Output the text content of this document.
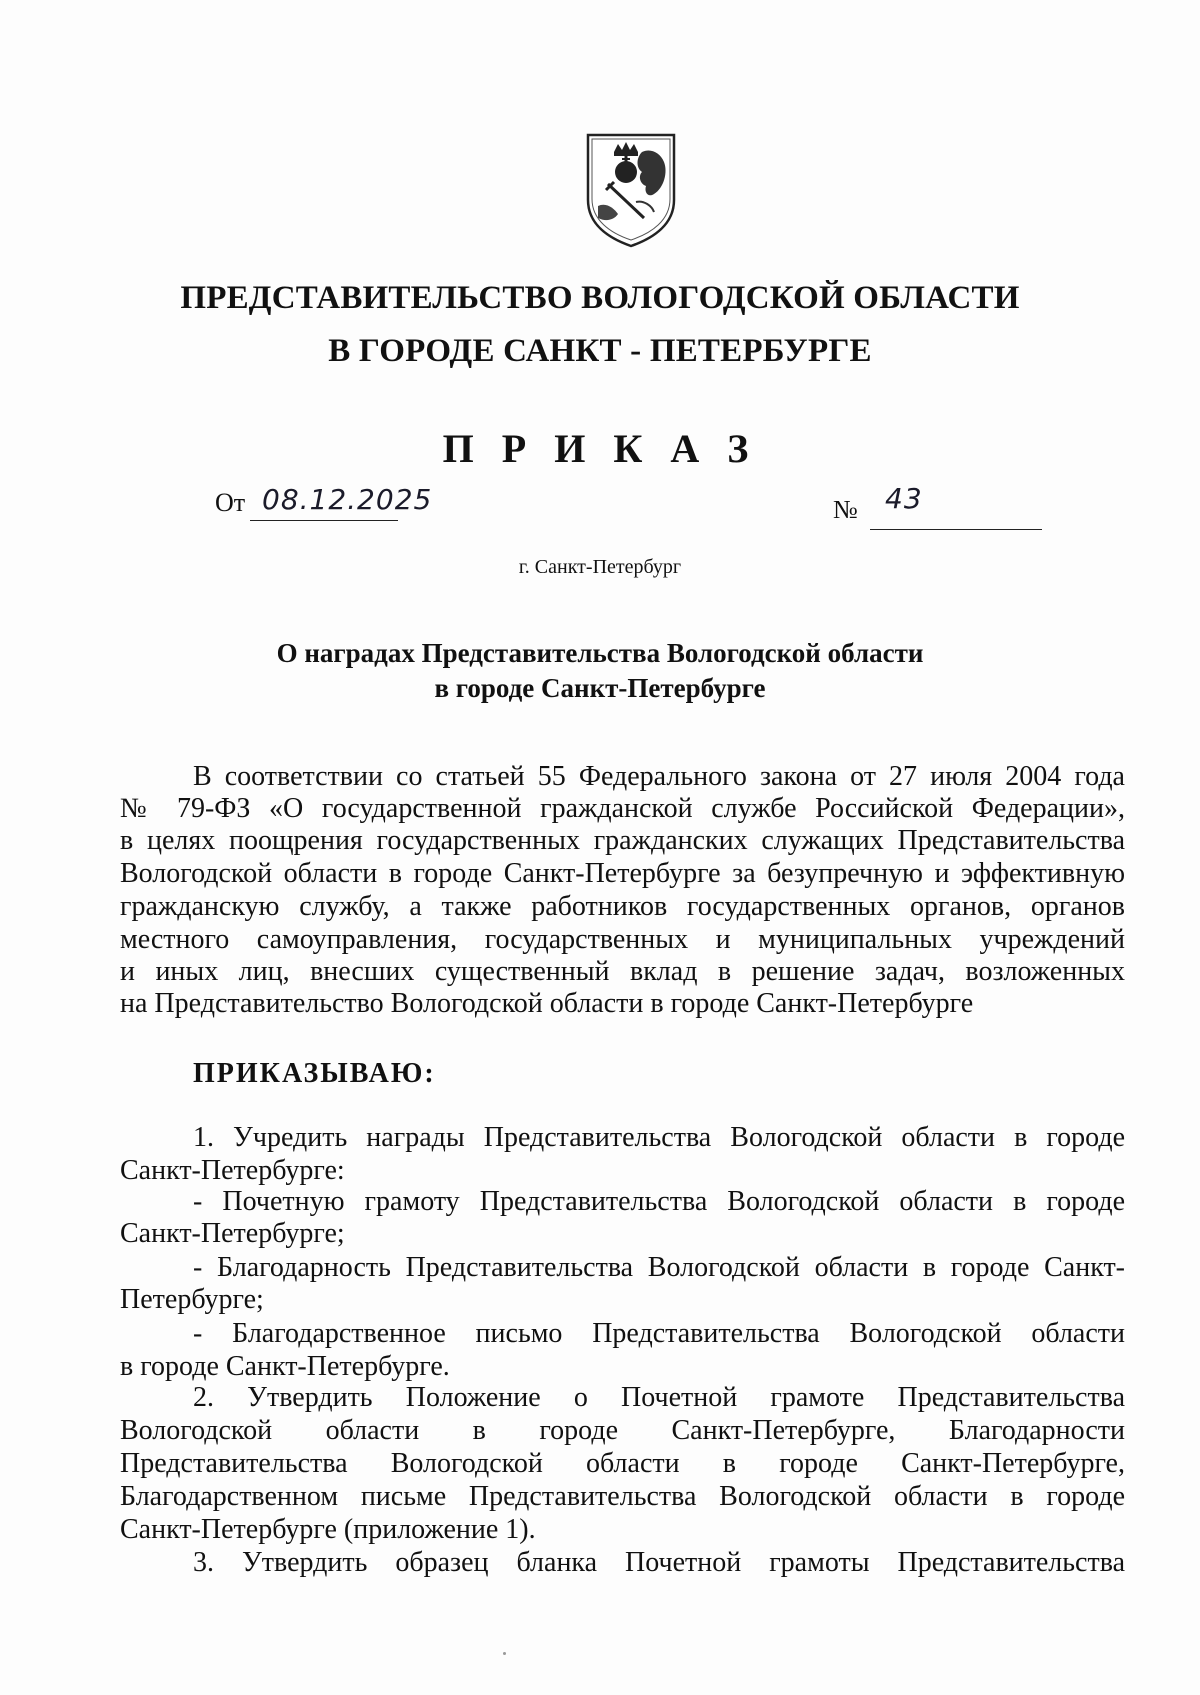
ПРЕДСТАВИТЕЛЬСТВО ВОЛОГОДСКОЙ ОБЛАСТИ
В ГОРОДЕ САНКТ - ПЕТЕРБУРГЕ
П Р И К А З
От 08.12.2025	№ 43
г. Санкт-Петербург
О наградах Представительства Вологодской области
в городе Санкт-Петербурге
В соответствии со статьей 55 Федерального закона от 27 июля 2004 года
№ 79-ФЗ «О государственной гражданской службе Российской Федерации»,
в целях поощрения государственных гражданских служащих Представительства
Вологодской области в городе Санкт-Петербурге за безупречную и эффективную
гражданскую службу, а также работников государственных органов, органов
местного самоуправления, государственных и муниципальных учреждений
и иных лиц, внесших существенный вклад в решение задач, возложенных
на Представительство Вологодской области в городе Санкт-Петербурге
ПРИКАЗЫВАЮ:
1. Учредить награды Представительства Вологодской области в городе
Санкт-Петербурге:
- Почетную грамоту Представительства Вологодской области в городе
Санкт-Петербурге;
- Благодарность Представительства Вологодской области в городе Санкт-
Петербурге;
- Благодарственное письмо Представительства Вологодской области
в городе Санкт-Петербурге.
2. Утвердить Положение о Почетной грамоте Представительства
Вологодской области в городе Санкт-Петербурге, Благодарности
Представительства Вологодской области в городе Санкт-Петербурге,
Благодарственном письме Представительства Вологодской области в городе
Санкт-Петербурге (приложение 1).
3. Утвердить образец бланка Почетной грамоты Представительства
